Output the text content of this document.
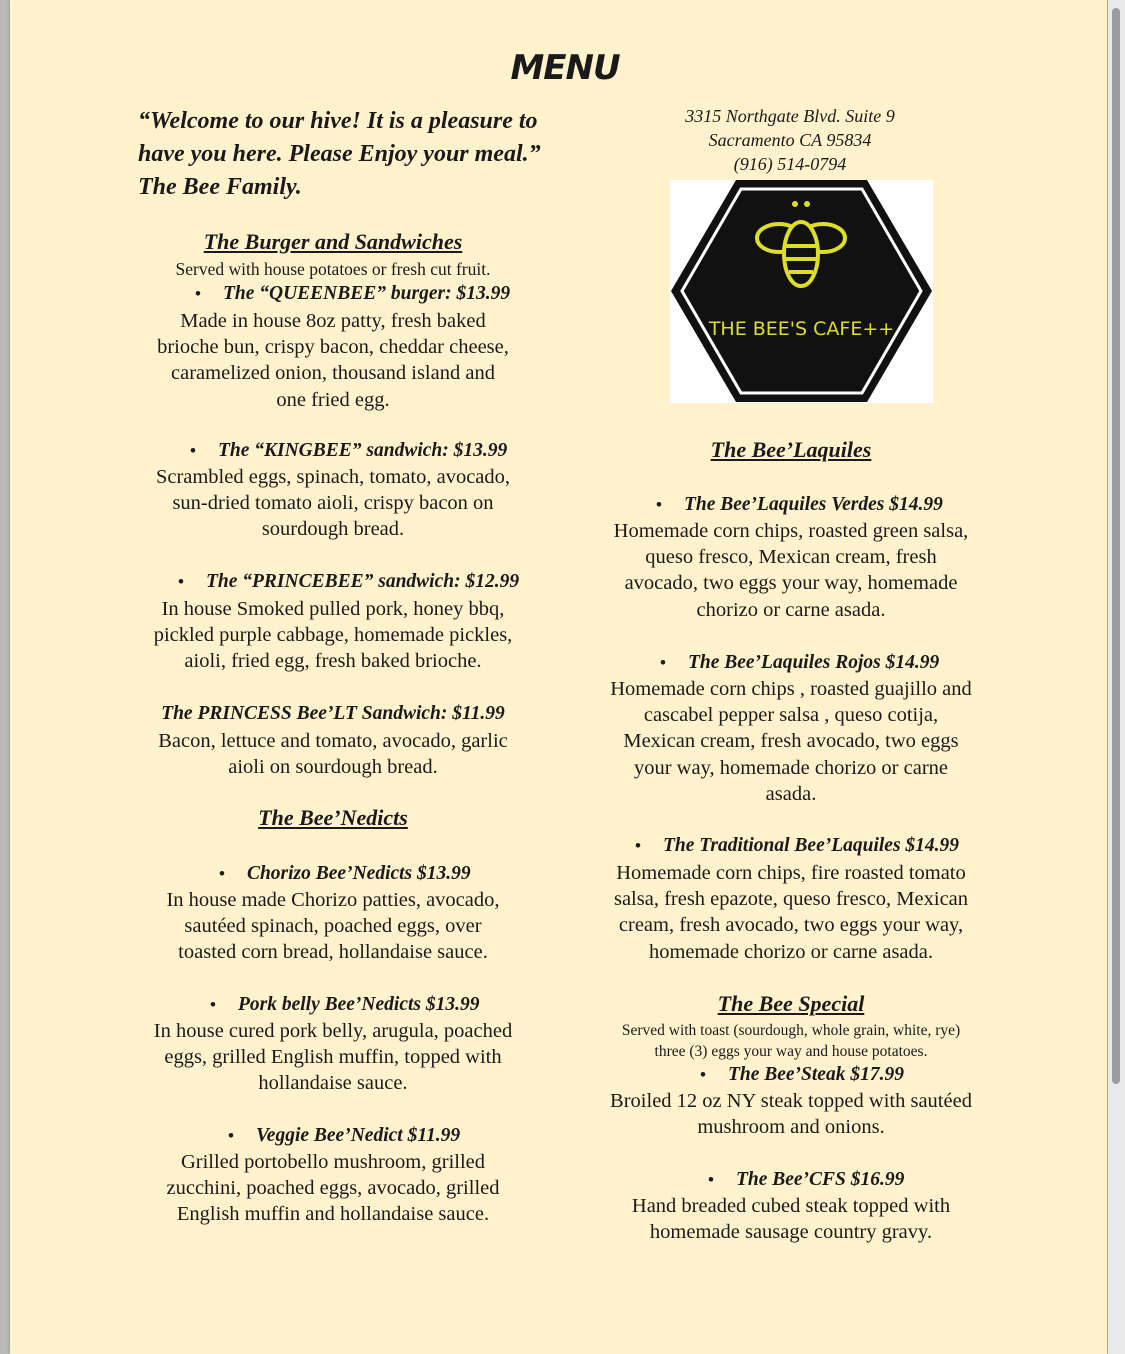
MENU
“Welcome to our hive! It is a pleasure to
have you here. Please Enjoy your meal.”
The Bee Family.
3315 Northgate Blvd. Suite 9
Sacramento CA 95834
(916) 514-0794
THE BEE'S CAFE++
The Burger and Sandwiches
Served with house potatoes or fresh cut fruit.
• The “QUEENBEE” burger: $13.99
Made in house 8oz patty, fresh baked
brioche bun, crispy bacon, cheddar cheese,
caramelized onion, thousand island and
one fried egg.
• The “KINGBEE” sandwich: $13.99
Scrambled eggs, spinach, tomato, avocado,
sun-dried tomato aioli, crispy bacon on
sourdough bread.
• The “PRINCEBEE” sandwich: $12.99
In house Smoked pulled pork, honey bbq,
pickled purple cabbage, homemade pickles,
aioli, fried egg, fresh baked brioche.
The PRINCESS Bee’LT Sandwich: $11.99
Bacon, lettuce and tomato, avocado, garlic
aioli on sourdough bread.
The Bee’Nedicts
• Chorizo Bee’Nedicts $13.99
In house made Chorizo patties, avocado,
sautéed spinach, poached eggs, over
toasted corn bread, hollandaise sauce.
• Pork belly Bee’Nedicts $13.99
In house cured pork belly, arugula, poached
eggs, grilled English muffin, topped with
hollandaise sauce.
• Veggie Bee’Nedict $11.99
Grilled portobello mushroom, grilled
zucchini, poached eggs, avocado, grilled
English muffin and hollandaise sauce.
The Bee’Laquiles
• The Bee’Laquiles Verdes $14.99
Homemade corn chips, roasted green salsa,
queso fresco, Mexican cream, fresh
avocado, two eggs your way, homemade
chorizo or carne asada.
• The Bee’Laquiles Rojos $14.99
Homemade corn chips , roasted guajillo and
cascabel pepper salsa , queso cotija,
Mexican cream, fresh avocado, two eggs
your way, homemade chorizo or carne
asada.
• The Traditional Bee’Laquiles $14.99
Homemade corn chips, fire roasted tomato
salsa, fresh epazote, queso fresco, Mexican
cream, fresh avocado, two eggs your way,
homemade chorizo or carne asada.
The Bee Special
Served with toast (sourdough, whole grain, white, rye)
three (3) eggs your way and house potatoes.
• The Bee’Steak $17.99
Broiled 12 oz NY steak topped with sautéed
mushroom and onions.
• The Bee’CFS $16.99
Hand breaded cubed steak topped with
homemade sausage country gravy.
